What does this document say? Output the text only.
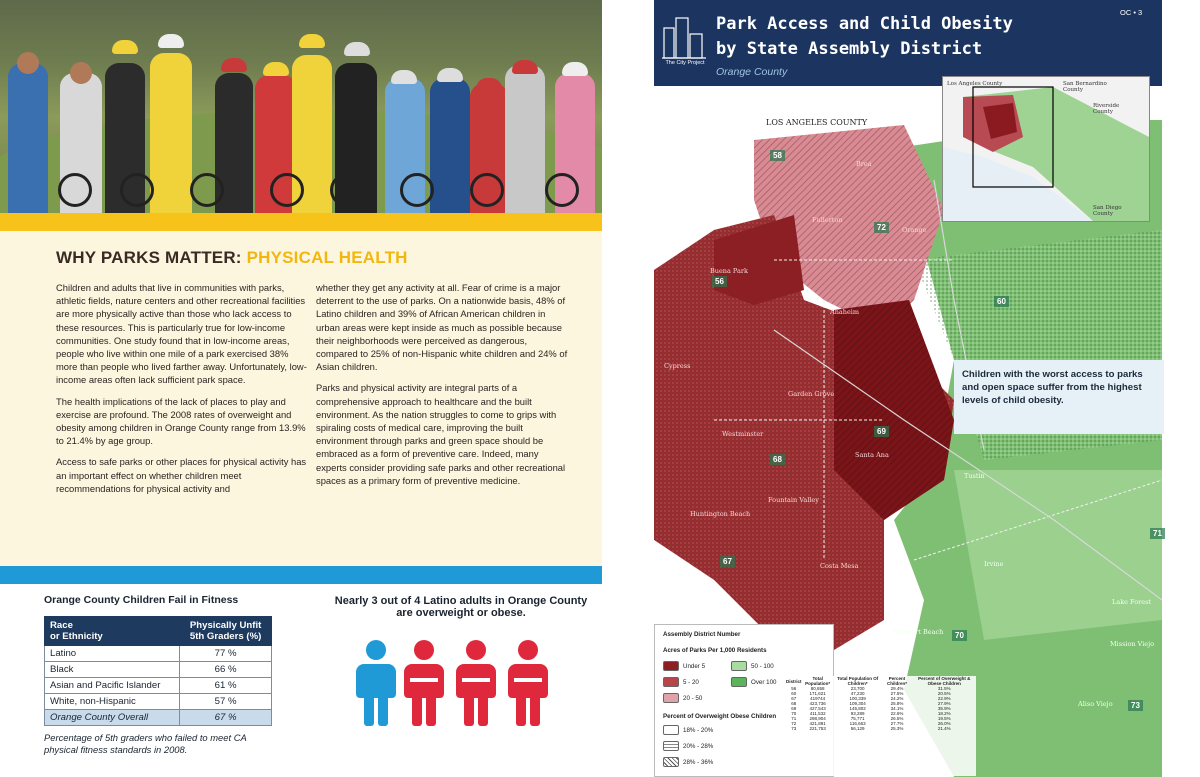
WHY PARKS MATTER: PHYSICAL HEALTH

Children and adults that live in communities with parks, athletic fields, nature centers and other recreational facilities are more physically active than those who lack access to these resources. This is particularly true for low-income communities. One study found that in low-income areas, people who live within one mile of a park exercised 38% more than people who lived farther away. Unfortunately, low-income areas often lack sufficient park space.

The health implications of the lack of places to play and exercise are profound. The 2008 rates of overweight and obesity among children in Orange County range from 13.9% to 21.4% by age group.

Access to safe parks or other places for physical activity has an important effect on whether children meet recommendations for physical activity and

whether they get any activity at all. Fear of crime is a major deterrent to the use of parks. On a nationwide basis, 48% of Latino children and 39% of African American children in urban areas were kept inside as much as possible because their neighborhoods were perceived as dangerous, compared to 25% of non-Hispanic white children and 24% of Asian children.

Parks and physical activity are integral parts of a comprehensive approach to healthcare and the built environment. As the nation struggles to come to grips with spiraling costs of medical care, improving the built environment through parks and green space should be embraced as a form of preventive care. Indeed, many experts consider providing safe parks and other recreational spaces as a primary form of preventive medicine.

Orange County Children Fail in Fitness
Race
or Ethnicity	Physically Unfit
5th Graders (%)
Latino	77 %
Black	66 %
Asian and Pacific Islander	61 %
White, non-Hispanic	57 %
Orange County Overall	67 %
Percentage of 5th graders who failed to meet CA physical fitness standards in 2008.
Nearly 3 out of 4 Latino adults in Orange County are overweight or obese.
The City Project
OC • 3
Park Access and Child Obesity
by State Assembly District
Orange County
LOS ANGELES COUNTY
Buena Park
Anaheim
Cypress
Garden Grove
Westminster
Fountain Valley
Huntington Beach
Costa Mesa
Santa Ana
Tustin
Irvine
Newport Beach
Lake Forest
Mission Viejo
Aliso Viejo
Fullerton
Brea
Orange
58
72
56
60
69
68
67
70
71
73
Los Angeles County	San Bernardino County
Riverside County
San Diego County
Children with the worst access to parks and open space suffer from the highest levels of child obesity.
Assembly District Number
Acres of Parks Per 1,000 Residents
Under 5
5 - 20
20 - 50
50 - 100
Over 100
Percent of Overweight Obese Children
18% - 20%
20% - 28%
28% - 36%
District	Total Population*	Total Population Of Children*	Percent Children*	Percent of Overweight & Obese Children
56	80,658	23,700	29.4%	31.5%
60	171,621	47,230	27.5%	20.5%
67	419744	100,339	24.2%	22.9%
68	423,736	109,304	25.8%	27.9%
69	427,543	145,802	34.1%	35.9%
70	411,532	93,289	22.6%	18.2%
71	298,904	75,771	26.5%	19.5%
72	421,891	116,663	27.7%	26.0%
73	221,753	56,129	25.3%	21.4%
